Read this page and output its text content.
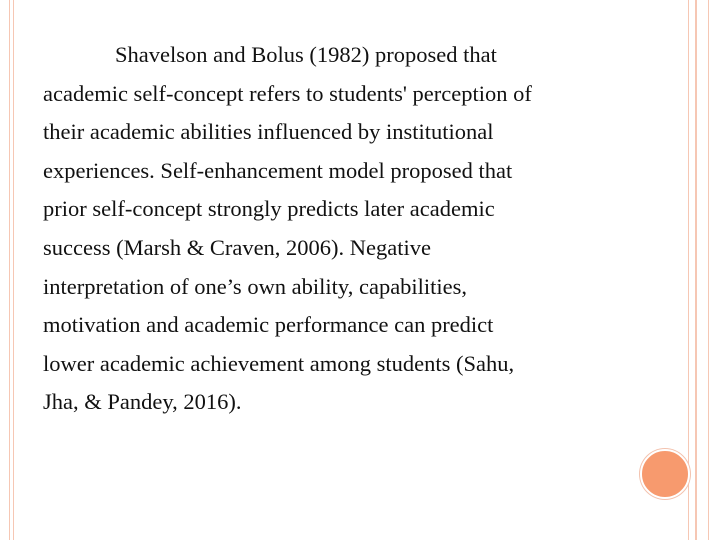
Shavelson and Bolus (1982) proposed that
academic self-concept refers to students' perception of
their academic abilities influenced by institutional
experiences. Self-enhancement model proposed that
prior self-concept strongly predicts later academic
success (Marsh & Craven, 2006). Negative
interpretation of one’s own ability, capabilities,
motivation and academic performance can predict
lower academic achievement among students (Sahu,
Jha, & Pandey, 2016).
